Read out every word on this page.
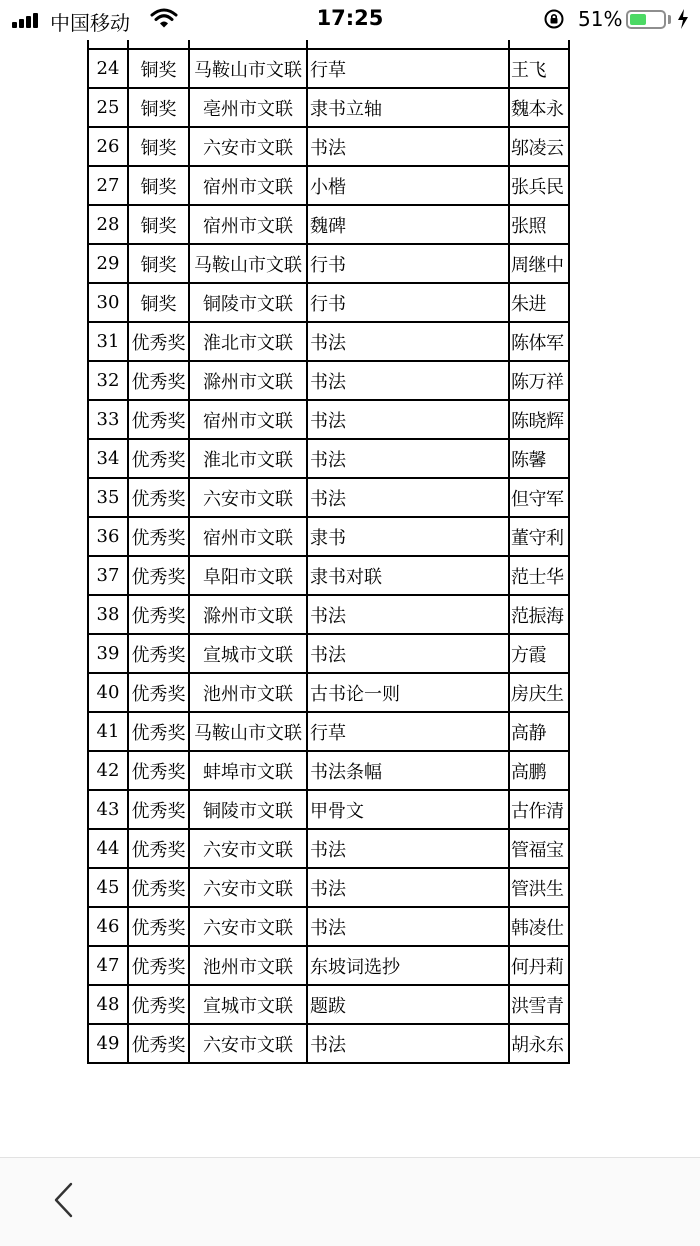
24	铜奖	马鞍山市文联	行草	王飞
25	铜奖	亳州市文联	隶书立轴	魏本永
26	铜奖	六安市文联	书法	邬凌云
27	铜奖	宿州市文联	小楷	张兵民
28	铜奖	宿州市文联	魏碑	张照
29	铜奖	马鞍山市文联	行书	周继中
30	铜奖	铜陵市文联	行书	朱进
31	优秀奖	淮北市文联	书法	陈体军
32	优秀奖	滁州市文联	书法	陈万祥
33	优秀奖	宿州市文联	书法	陈晓辉
34	优秀奖	淮北市文联	书法	陈馨
35	优秀奖	六安市文联	书法	但守军
36	优秀奖	宿州市文联	隶书	董守利
37	优秀奖	阜阳市文联	隶书对联	范士华
38	优秀奖	滁州市文联	书法	范振海
39	优秀奖	宣城市文联	书法	方霞
40	优秀奖	池州市文联	古书论一则	房庆生
41	优秀奖	马鞍山市文联	行草	高静
42	优秀奖	蚌埠市文联	书法条幅	高鹏
43	优秀奖	铜陵市文联	甲骨文	古作清
44	优秀奖	六安市文联	书法	管福宝
45	优秀奖	六安市文联	书法	管洪生
46	优秀奖	六安市文联	书法	韩凌仕
47	优秀奖	池州市文联	东坡词选抄	何丹莉
48	优秀奖	宣城市文联	题跋	洪雪青
49	优秀奖	六安市文联	书法	胡永东
中国移动	17:25	51%
